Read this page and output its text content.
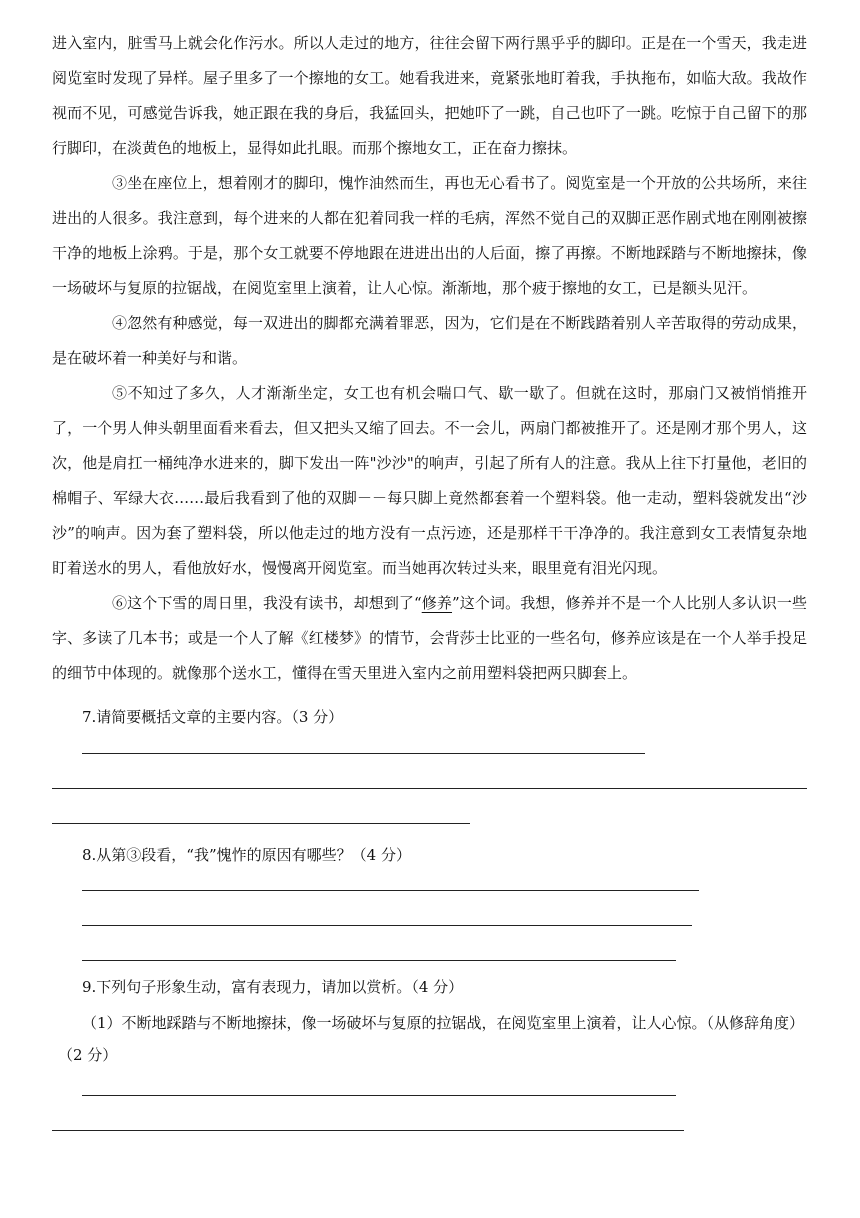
进入室内，脏雪马上就会化作污水。所以人走过的地方，往往会留下两行黑乎乎的脚印。正是在一个雪天，我走进阅览室时发现了异样。屋子里多了一个擦地的女工。她看我进来，竟紧张地盯着我，手执拖布，如临大敌。我故作视而不见，可感觉告诉我，她正跟在我的身后，我猛回头，把她吓了一跳，自己也吓了一跳。吃惊于自己留下的那行脚印，在淡黄色的地板上，显得如此扎眼。而那个擦地女工，正在奋力擦抹。

③坐在座位上，想着刚才的脚印，愧怍油然而生，再也无心看书了。阅览室是一个开放的公共场所，来往进出的人很多。我注意到，每个进来的人都在犯着同我一样的毛病，浑然不觉自己的双脚正恶作剧式地在刚刚被擦干净的地板上涂鸦。于是，那个女工就要不停地跟在进进出出的人后面，擦了再擦。不断地踩踏与不断地擦抹，像一场破坏与复原的拉锯战，在阅览室里上演着，让人心惊。渐渐地，那个疲于擦地的女工，已是额头见汗。

④忽然有种感觉，每一双进出的脚都充满着罪恶，因为，它们是在不断践踏着别人辛苦取得的劳动成果，是在破坏着一种美好与和谐。

⑤不知过了多久，人才渐渐坐定，女工也有机会喘口气、歇一歇了。但就在这时，那扇门又被悄悄推开了，一个男人伸头朝里面看来看去，但又把头又缩了回去。不一会儿，两扇门都被推开了。还是刚才那个男人，这次，他是肩扛一桶纯净水进来的，脚下发出一阵"沙沙"的响声，引起了所有人的注意。我从上往下打量他，老旧的棉帽子、军绿大衣……最后我看到了他的双脚－－每只脚上竟然都套着一个塑料袋。他一走动，塑料袋就发出“沙沙”的响声。因为套了塑料袋，所以他走过的地方没有一点污迹，还是那样干干净净的。我注意到女工表情复杂地盯着送水的男人，看他放好水，慢慢离开阅览室。而当她再次转过头来，眼里竟有泪光闪现。

⑥这个下雪的周日里，我没有读书，却想到了“修养”这个词。我想，修养并不是一个人比别人多认识一些字、多读了几本书；或是一个人了解《红楼梦》的情节，会背莎士比亚的一些名句，修养应该是在一个人举手投足的细节中体现的。就像那个送水工，懂得在雪天里进入室内之前用塑料袋把两只脚套上。

7.请简要概括文章的主要内容。（3 分）
8.从第③段看，“我”愧怍的原因有哪些？（4 分）
9.下列句子形象生动，富有表现力，请加以赏析。（4 分）
（1）不断地踩踏与不断地擦抹，像一场破坏与复原的拉锯战，在阅览室里上演着，让人心惊。（从修辞角度）
（2 分）
